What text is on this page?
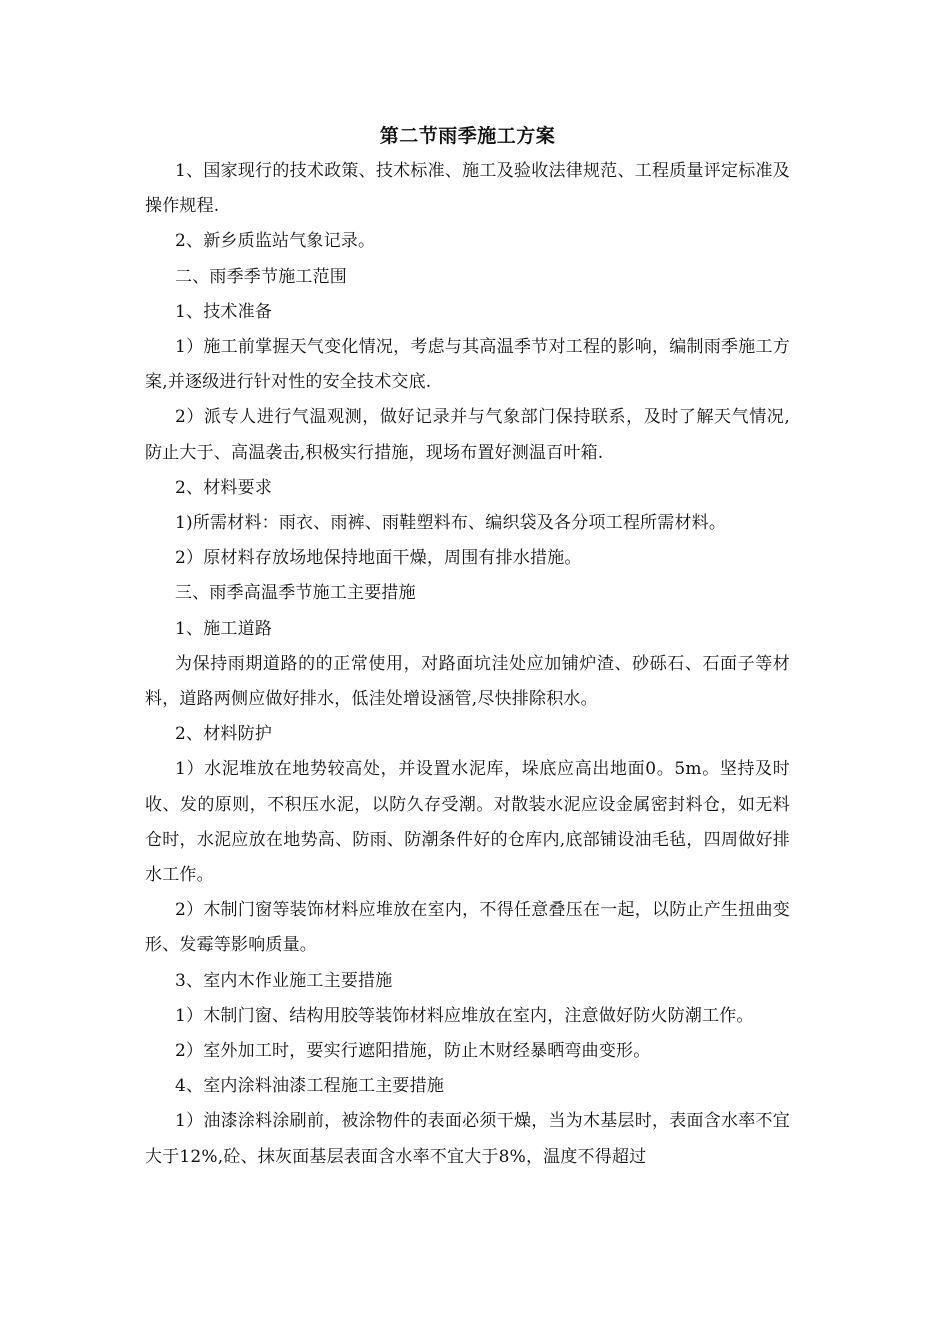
第二节雨季施工方案

1、国家现行的技术政策、技术标准、施工及验收法律规范、工程质量评定标准及操作规程.

2、新乡质监站气象记录。

二、雨季季节施工范围

1、技术准备

1）施工前掌握天气变化情况，考虑与其高温季节对工程的影响，编制雨季施工方案,并逐级进行针对性的安全技术交底.

2）派专人进行气温观测，做好记录并与气象部门保持联系，及时了解天气情况,防止大于、高温袭击,积极实行措施，现场布置好测温百叶箱.

2、材料要求

1)所需材料：雨衣、雨裤、雨鞋塑料布、编织袋及各分项工程所需材料。

2）原材料存放场地保持地面干燥，周围有排水措施。

三、雨季高温季节施工主要措施

1、施工道路

为保持雨期道路的的正常使用，对路面坑洼处应加铺炉渣、砂砾石、石面子等材料，道路两侧应做好排水，低洼处增设涵管,尽快排除积水。

2、材料防护

1）水泥堆放在地势较高处，并设置水泥库，垛底应高出地面0。5m。坚持及时收、发的原则，不积压水泥，以防久存受潮。对散装水泥应设金属密封料仓，如无料仓时，水泥应放在地势高、防雨、防潮条件好的仓库内,底部铺设油毛毡，四周做好排水工作。

2）木制门窗等装饰材料应堆放在室内，不得任意叠压在一起，以防止产生扭曲变形、发霉等影响质量。

3、室内木作业施工主要措施

1）木制门窗、结构用胶等装饰材料应堆放在室内，注意做好防火防潮工作。

2）室外加工时，要实行遮阳措施，防止木财经暴晒弯曲变形。

4、室内涂料油漆工程施工主要措施

1）油漆涂料涂刷前，被涂物件的表面必须干燥，当为木基层时，表面含水率不宜大于12%,砼、抹灰面基层表面含水率不宜大于8%，温度不得超过
